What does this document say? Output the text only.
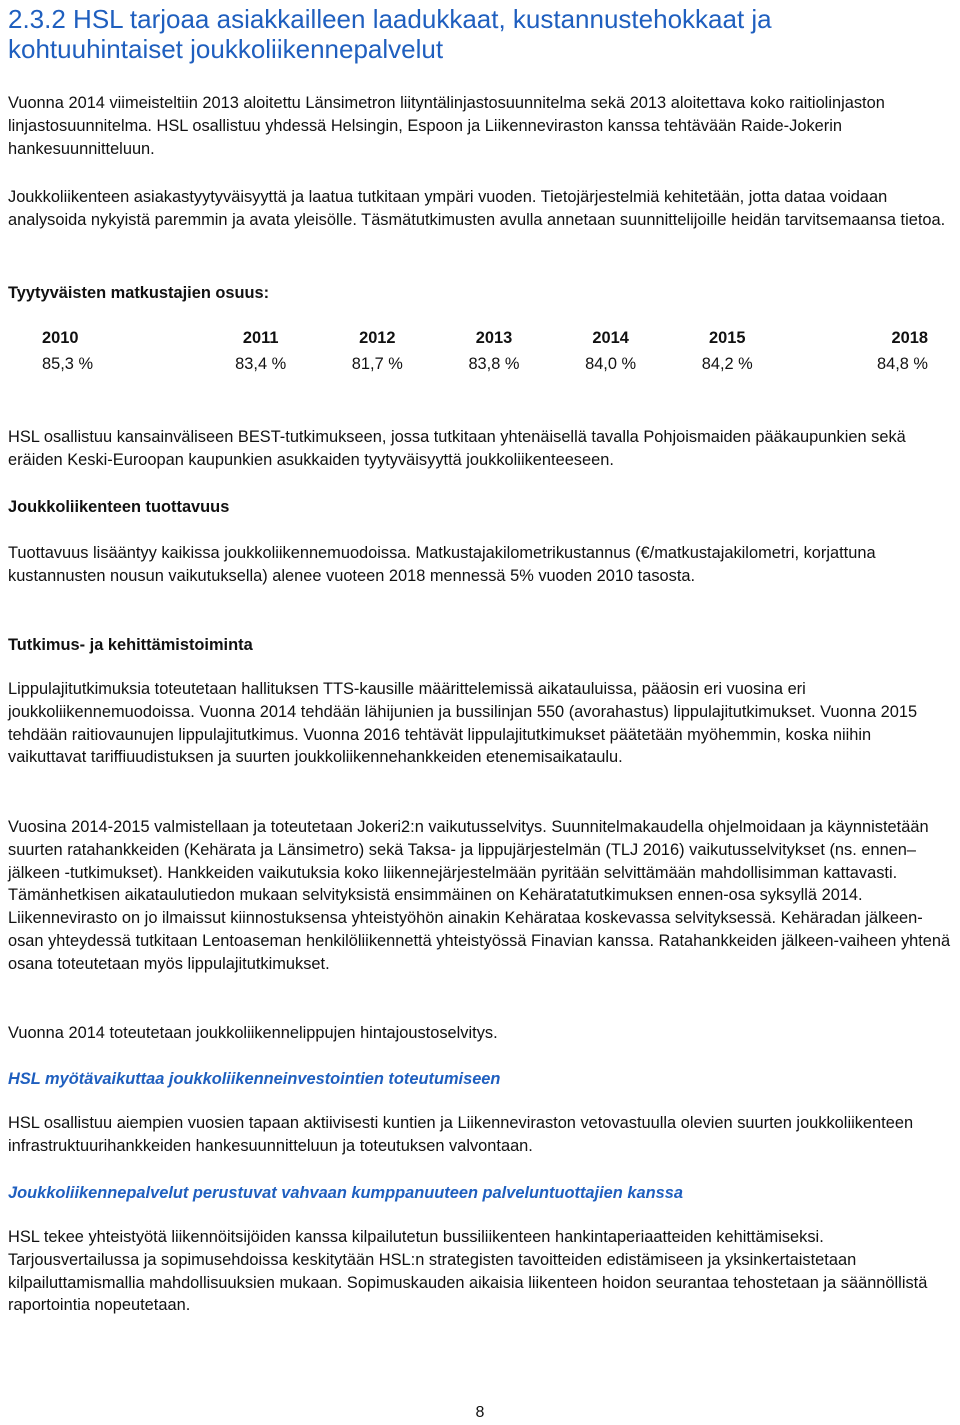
2.3.2 HSL tarjoaa asiakkailleen laadukkaat, kustannustehokkaat ja
kohtuuhintaiset joukkoliikennepalvelut

Vuonna 2014 viimeisteltiin 2013 aloitettu Länsimetron liityntälinjastosuunnitelma sekä 2013 aloitettava koko raitiolinjaston linjastosuunnitelma. HSL osallistuu yhdessä Helsingin, Espoon ja Liikenneviraston kanssa tehtävään Raide-Jokerin hankesuunnitteluun.

Joukkoliikenteen asiakastyytyväisyyttä ja laatua tutkitaan ympäri vuoden. Tietojärjestelmiä kehitetään, jotta dataa voidaan analysoida nykyistä paremmin ja avata yleisölle. Täsmätutkimusten avulla annetaan suunnittelijoille heidän tarvitsemaansa tietoa.

Tyytyväisten matkustajien osuus:

2010	2011	2012	2013	2014	2015	2018
85,3 %	83,4 %	81,7 %	83,8 %	84,0 %	84,2 %	84,8 %

HSL osallistuu kansainväliseen BEST-tutkimukseen, jossa tutkitaan yhtenäisellä tavalla Pohjoismaiden pääkaupunkien sekä eräiden Keski-Euroopan kaupunkien asukkaiden tyytyväisyyttä joukkoliikenteeseen.

Joukkoliikenteen tuottavuus

Tuottavuus lisääntyy kaikissa joukkoliikennemuodoissa. Matkustajakilometrikustannus (€/matkustajakilometri, korjattuna kustannusten nousun vaikutuksella) alenee vuoteen 2018 mennessä 5% vuoden 2010 tasosta.

Tutkimus- ja kehittämistoiminta

Lippulajitutkimuksia toteutetaan hallituksen TTS-kausille määrittelemissä aikatauluissa, pääosin eri vuosina eri joukkoliikennemuodoissa. Vuonna 2014 tehdään lähijunien ja bussilinjan 550 (avorahastus) lippulajitutkimukset. Vuonna 2015 tehdään raitiovaunujen lippulajitutkimus. Vuonna 2016 tehtävät lippulajitutkimukset päätetään myöhemmin, koska niihin vaikuttavat tariffiuudistuksen ja suurten joukkoliikennehankkeiden etenemisaikataulu.

Vuosina 2014-2015 valmistellaan ja toteutetaan Jokeri2:n vaikutusselvitys. Suunnitelmakaudella ohjelmoidaan ja käynnistetään suurten ratahankkeiden (Kehärata ja Länsimetro) sekä Taksa- ja lippujärjestelmän (TLJ 2016) vaikutusselvitykset (ns. ennen–jälkeen -tutkimukset). Hankkeiden vaikutuksia koko liikennejärjestelmään pyritään selvittämään mahdollisimman kattavasti. Tämänhetkisen aikataulutiedon mukaan selvityksistä ensimmäinen on Kehäratatutkimuksen ennen-osa syksyllä 2014. Liikennevirasto on jo ilmaissut kiinnostuksensa yhteistyöhön ainakin Kehärataa koskevassa selvityksessä. Kehäradan jälkeen-osan yhteydessä tutkitaan Lentoaseman henkilöliikennettä yhteistyössä Finavian kanssa. Ratahankkeiden jälkeen-vaiheen yhtenä osana toteutetaan myös lippulajitutkimukset.

Vuonna 2014 toteutetaan joukkoliikennelippujen hintajoustoselvitys.

HSL myötävaikuttaa joukkoliikenneinvestointien toteutumiseen

HSL osallistuu aiempien vuosien tapaan aktiivisesti kuntien ja Liikenneviraston vetovastuulla olevien suurten joukkoliikenteen infrastruktuurihankkeiden hankesuunnitteluun ja toteutuksen valvontaan.

Joukkoliikennepalvelut perustuvat vahvaan kumppanuuteen palveluntuottajien kanssa

HSL tekee yhteistyötä liikennöitsijöiden kanssa kilpailutetun bussiliikenteen hankintaperiaatteiden kehittämiseksi. Tarjousvertailussa ja sopimusehdoissa keskitytään HSL:n strategisten tavoitteiden edistämiseen ja yksinkertaistetaan kilpailuttamismallia mahdollisuuksien mukaan. Sopimuskauden aikaisia liikenteen hoidon seurantaa tehostetaan ja säännöllistä raportointia nopeutetaan.

8
